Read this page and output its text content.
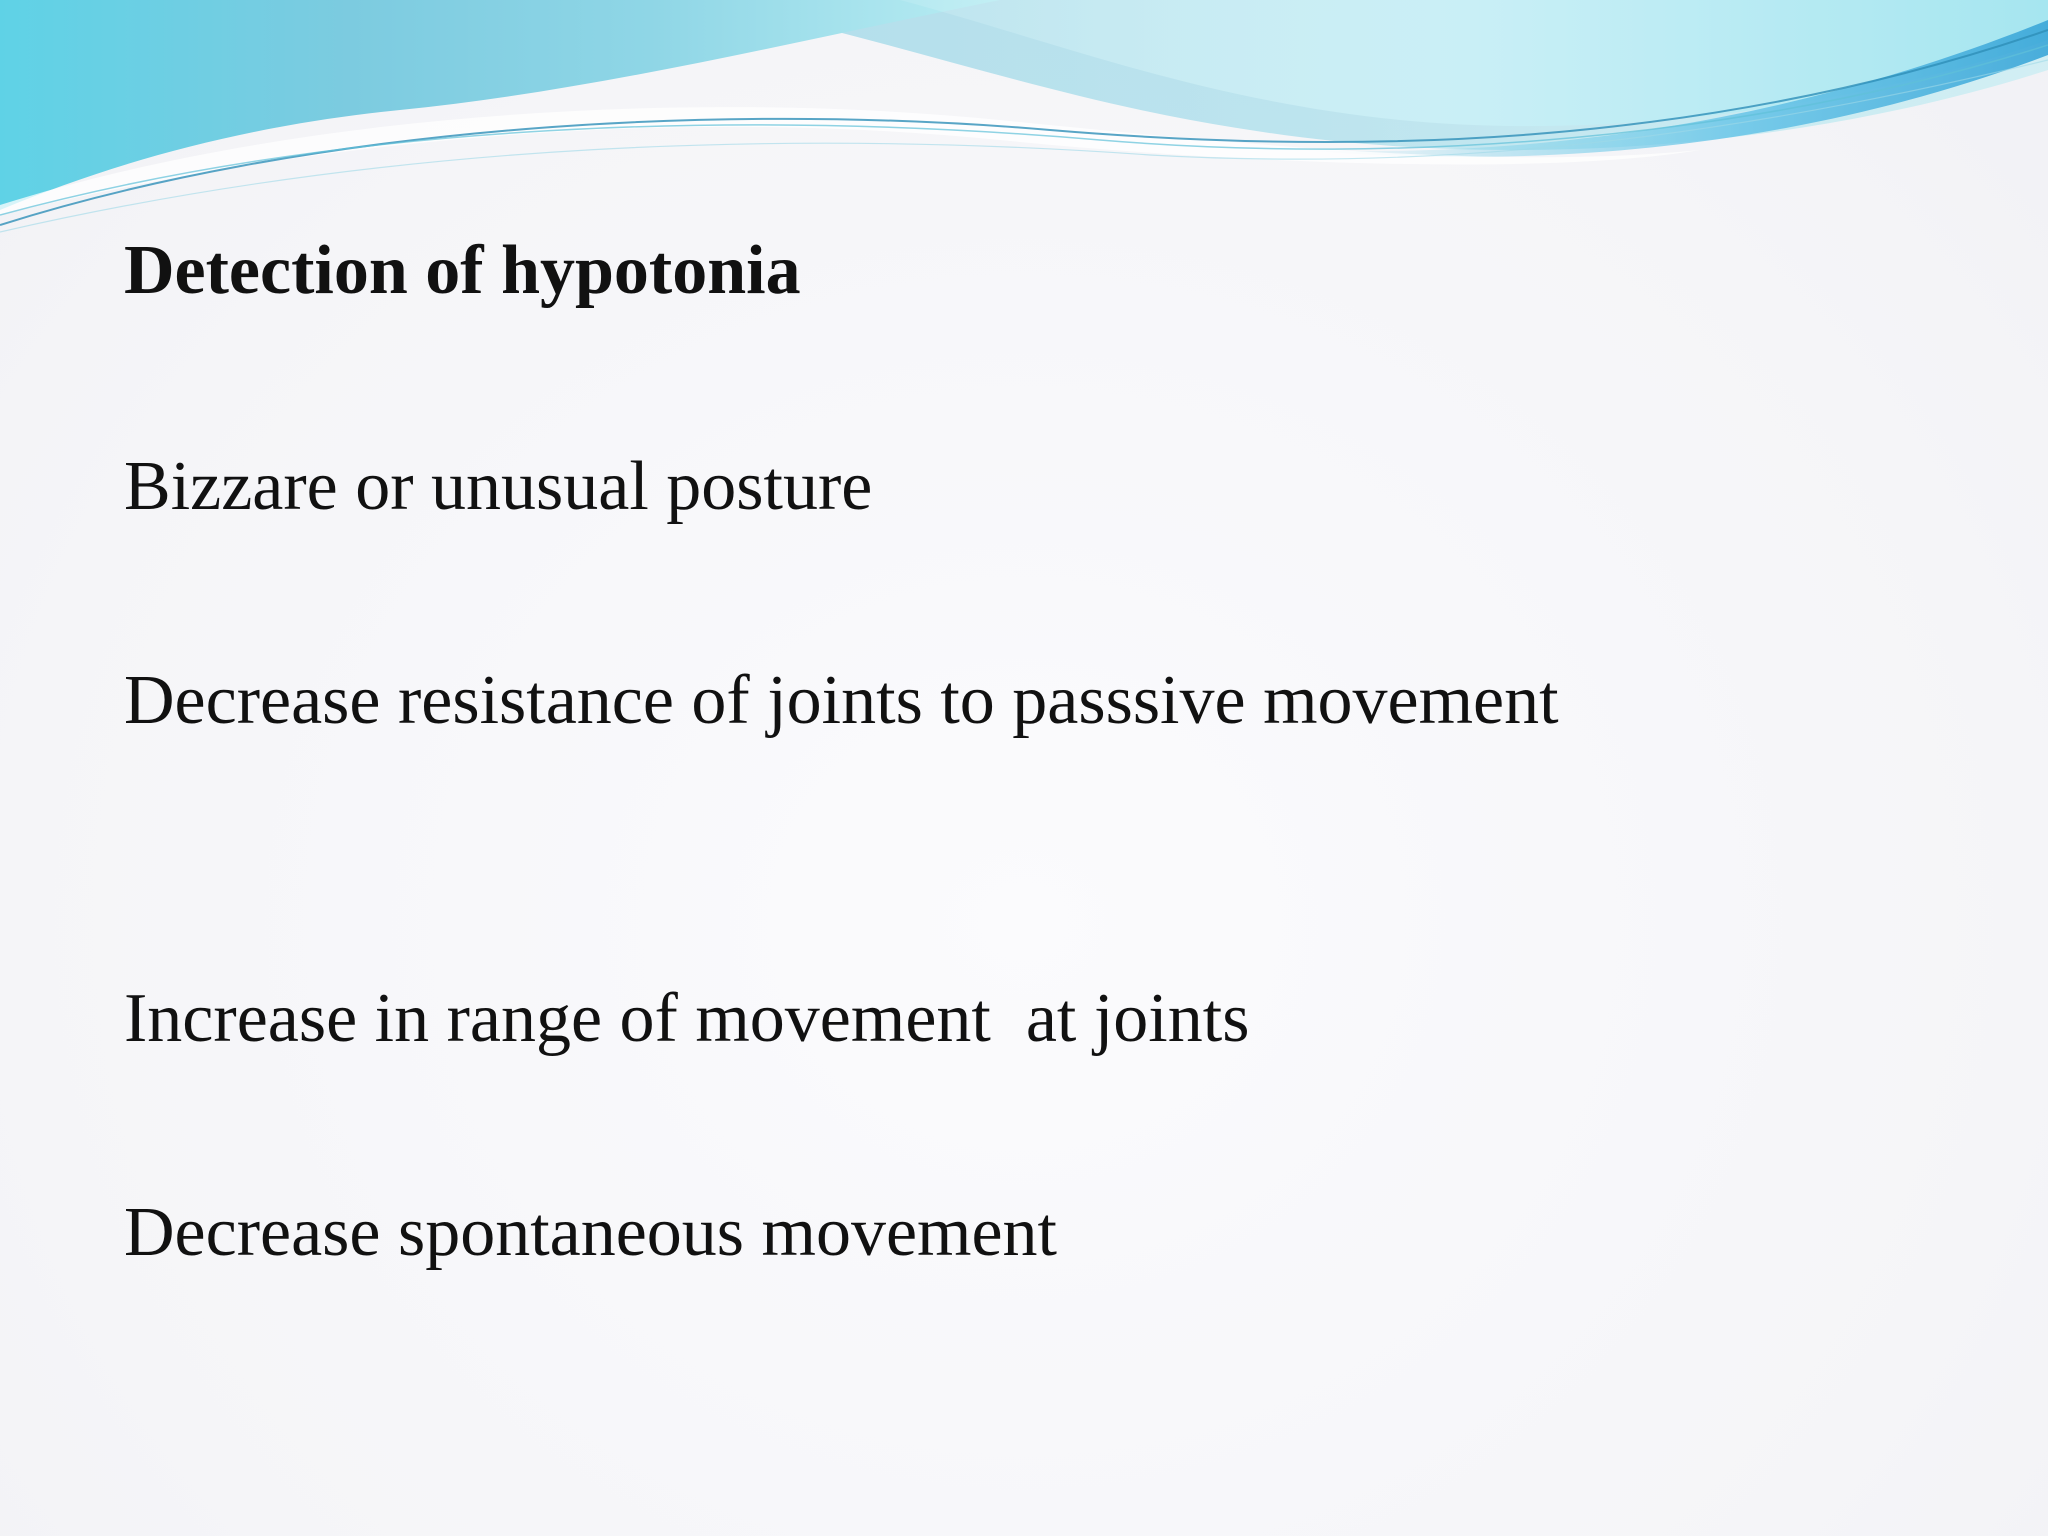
Detection of hypotonia

Bizzare or unusual posture

Decrease resistance of joints to passsive movement

Increase in range of movement  at joints

Decrease spontaneous movement
